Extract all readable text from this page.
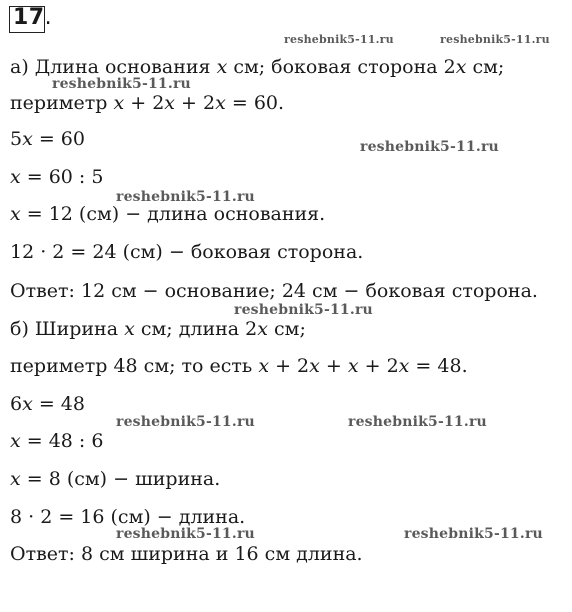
17.
reshebnik5-11.ru	reshebnik5-11.ru
reshebnik5-11.ru
reshebnik5-11.ru
reshebnik5-11.ru
reshebnik5-11.ru
reshebnik5-11.ru	reshebnik5-11.ru
reshebnik5-11.ru	reshebnik5-11.ru
а) Длина основания x см; боковая сторона 2x см;
периметр x + 2x + 2x = 60.
5x = 60
x = 60 : 5
x = 12 (см) − длина основания.
12 · 2 = 24 (см) − боковая сторона.
Ответ: 12 см − основание; 24 см − боковая сторона.
б) Ширина x см; длина 2x см;
периметр 48 см; то есть x + 2x + x + 2x = 48.
6x = 48
x = 48 : 6
x = 8 (см) − ширина.
8 · 2 = 16 (см) − длина.
Ответ: 8 см ширина и 16 см длина.
